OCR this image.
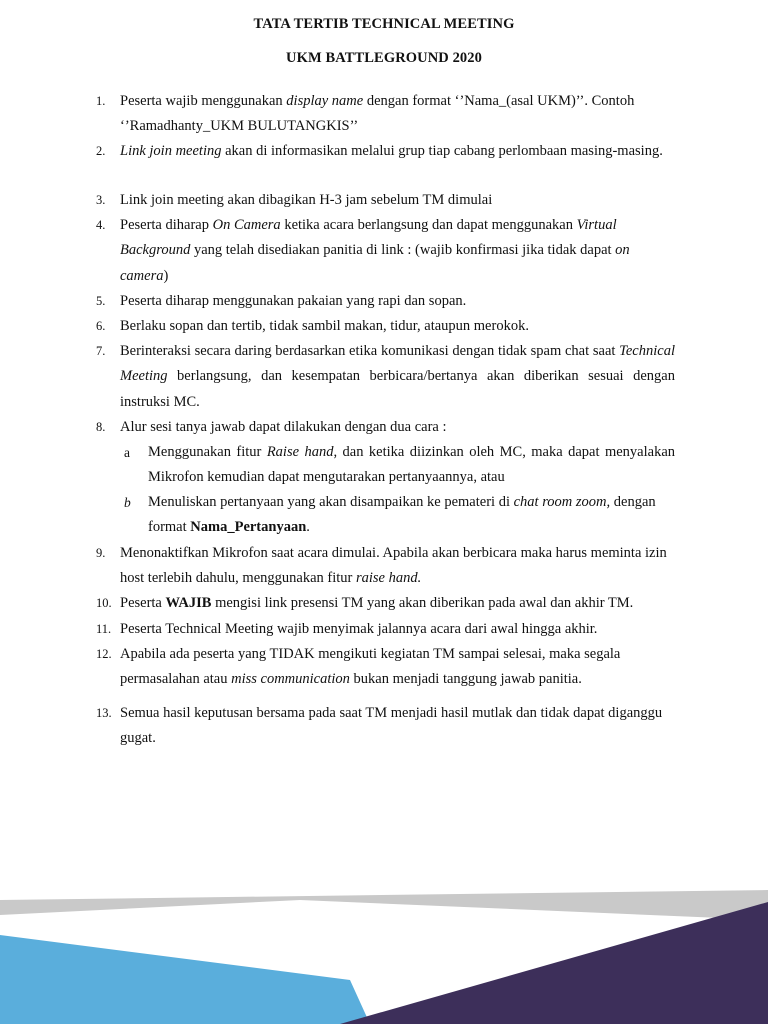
TATA TERTIB TECHNICAL MEETING
UKM BATTLEGROUND 2020
1.	Peserta wajib menggunakan display name dengan format ‘’Nama_(asal UKM)’’. Contoh ‘’Ramadhanty_UKM BULUTANGKIS’’
2.	Link join meeting akan di informasikan melalui grup tiap cabang perlombaan masing-masing.
3.	Link join meeting akan dibagikan H-3 jam sebelum TM dimulai
4.	Peserta diharap On Camera ketika acara berlangsung dan dapat menggunakan Virtual Background yang telah disediakan panitia di link : (wajib konfirmasi jika tidak dapat on camera)
5.	Peserta diharap menggunakan pakaian yang rapi dan sopan.
6.	Berlaku sopan dan tertib, tidak sambil makan, tidur, ataupun merokok.
7.	Berinteraksi secara daring berdasarkan etika komunikasi dengan tidak spam chat saat Technical Meeting berlangsung, dan kesempatan berbicara/bertanya akan diberikan sesuai dengan instruksi MC.
8.	Alur sesi tanya jawab dapat dilakukan dengan dua cara :
a	Menggunakan fitur Raise hand, dan ketika diizinkan oleh MC, maka dapat menyalakan Mikrofon kemudian dapat mengutarakan pertanyaannya, atau
b	Menuliskan pertanyaan yang akan disampaikan ke pemateri di chat room zoom, dengan format Nama_Pertanyaan.
9.	Menonaktifkan Mikrofon saat acara dimulai. Apabila akan berbicara maka harus meminta izin host terlebih dahulu, menggunakan fitur raise hand.
10. Peserta WAJIB mengisi link presensi TM yang akan diberikan pada awal dan akhir TM.
11. Peserta Technical Meeting wajib menyimak jalannya acara dari awal hingga akhir.
12. Apabila ada peserta yang TIDAK mengikuti kegiatan TM sampai selesai, maka segala permasalahan atau miss communication bukan menjadi tanggung jawab panitia.
13. Semua hasil keputusan bersama pada saat TM menjadi hasil mutlak dan tidak dapat diganggu gugat.
